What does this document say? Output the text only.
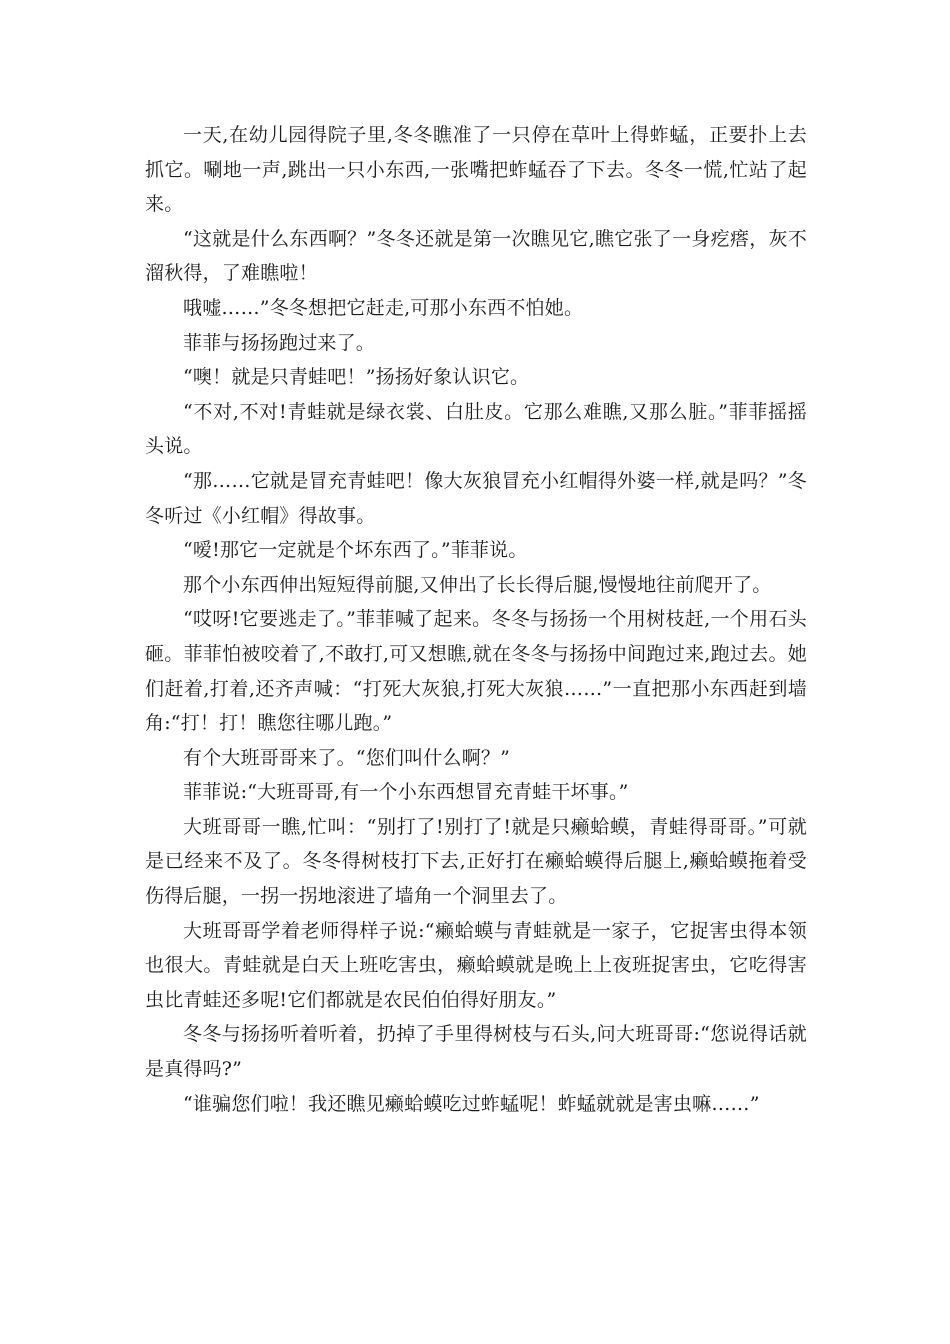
一天,在幼儿园得院子里,冬冬瞧准了一只停在草叶上得蚱蜢，正要扑上去抓它。唰地一声,跳出一只小东西,一张嘴把蚱蜢吞了下去。冬冬一慌,忙站了起来。

“这就是什么东西啊？”冬冬还就是第一次瞧见它,瞧它张了一身疙瘩，灰不溜秋得，了难瞧啦！

哦嘘……”冬冬想把它赶走,可那小东西不怕她。

菲菲与扬扬跑过来了。

“噢！就是只青蛙吧！”扬扬好象认识它。

“不对,不对!青蛙就是绿衣裳、白肚皮。它那么难瞧,又那么脏。”菲菲摇摇头说。

“那……它就是冒充青蛙吧！像大灰狼冒充小红帽得外婆一样,就是吗？”冬冬听过《小红帽》得故事。

“嗳!那它一定就是个坏东西了。”菲菲说。

那个小东西伸出短短得前腿,又伸出了长长得后腿,慢慢地往前爬开了。

“哎呀!它要逃走了。”菲菲喊了起来。冬冬与扬扬一个用树枝赶,一个用石头砸。菲菲怕被咬着了,不敢打,可又想瞧,就在冬冬与扬扬中间跑过来,跑过去。她们赶着,打着,还齐声喊：“打死大灰狼,打死大灰狼……”一直把那小东西赶到墙角:“打！打！瞧您往哪儿跑。”

有个大班哥哥来了。“您们叫什么啊？”

菲菲说:“大班哥哥,有一个小东西想冒充青蛙干坏事。”

大班哥哥一瞧,忙叫：“别打了!别打了!就是只癞蛤蟆，青蛙得哥哥。”可就是已经来不及了。冬冬得树枝打下去,正好打在癞蛤蟆得后腿上,癞蛤蟆拖着受伤得后腿，一拐一拐地滚进了墙角一个洞里去了。

大班哥哥学着老师得样子说:“癞蛤蟆与青蛙就是一家子，它捉害虫得本领也很大。青蛙就是白天上班吃害虫，癞蛤蟆就是晚上上夜班捉害虫，它吃得害虫比青蛙还多呢!它们都就是农民伯伯得好朋友。”

冬冬与扬扬听着听着，扔掉了手里得树枝与石头,问大班哥哥:“您说得话就是真得吗?”

“谁骗您们啦！我还瞧见癞蛤蟆吃过蚱蜢呢！蚱蜢就就是害虫嘛……”
